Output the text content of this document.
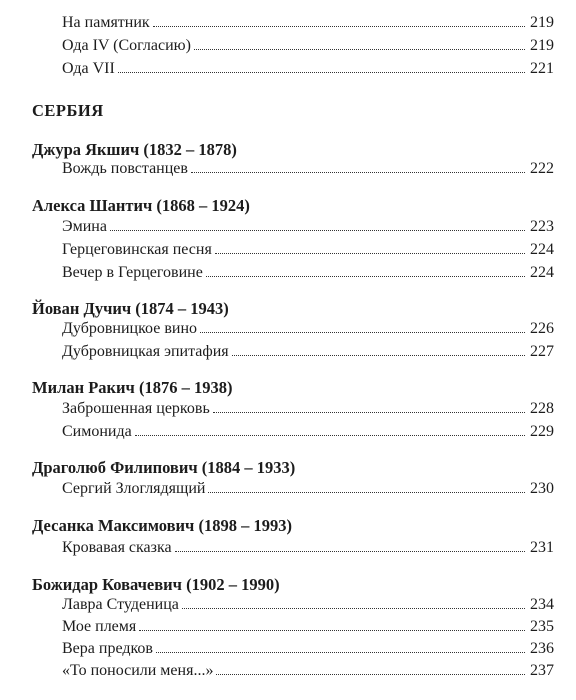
На памятник	219
Ода IV (Согласию)	219
Ода VII	221
СЕРБИЯ
Джура Якшич (1832 – 1878)
Вождь повстанцев	222
Алекса Шантич (1868 – 1924)
Эмина	223
Герцеговинская песня	224
Вечер в Герцеговине	224
Йован Дучич (1874 – 1943)
Дубровницкое вино	226
Дубровницкая эпитафия	227
Милан Ракич (1876 – 1938)
Заброшенная церковь	228
Симонида	229
Драголюб Филипович (1884 – 1933)
Сергий Злоглядящий	230
Десанка Максимович (1898 – 1993)
Кровавая сказка	231
Божидар Ковачевич (1902 – 1990)
Лавра Студеница	234
Мое племя	235
Вера предков	236
«То поносили меня...»	237
